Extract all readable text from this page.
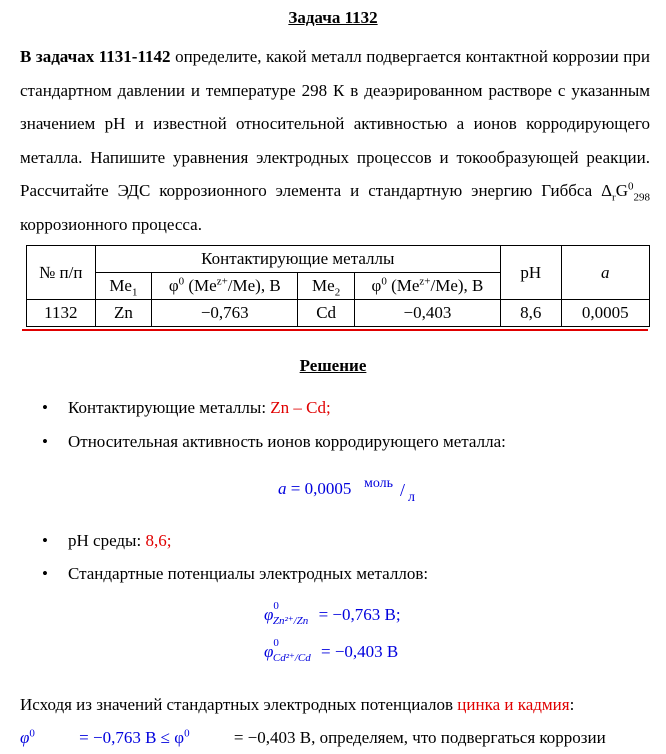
Задача 1132
В задачах 1131-1142 определите, какой металл подвергается контактной коррозии при стандартном давлении и температуре 298 К в деаэрированном растворе с указанным значением pH и известной относительной активностью а ионов корродирующего металла. Напишите уравнения электродных процессов и токообразующей реакции. Рассчитайте ЭДС коррозионного элемента и стандартную энергию Гиббса $\Delta_rG^0_{298}$ коррозионного процесса.
№ п/п	Контактирующие металлы				pH	a
	$Me_1$	$\varphi^0$ $(Me^{z+}/Me)$, В	$Me_2$	$\varphi^0$ $(Me^{z+}/Me)$, В		
1132	Zn	−0,763	Cd	−0,403	8,6	0,0005
Решение
• Контактирующие металлы: Zn – Cd;
• Относительная активность ионов корродирующего металла:
a = 0,0005 моль / л
• pH среды: 8,6;
• Стандартные потенциалы электродных металлов:
$\varphi^0_{Zn^{2+}/Zn} = -0,763$ В;
$\varphi^0_{Cd^{2+}/Cd} = -0,403$ В
Исходя из значений стандартных электродных потенциалов цинка и кадмия:
$\varphi^0 = -0,763$ $В \le \varphi^0 = -0,403$ В, определяем, что подвергаться коррозии
